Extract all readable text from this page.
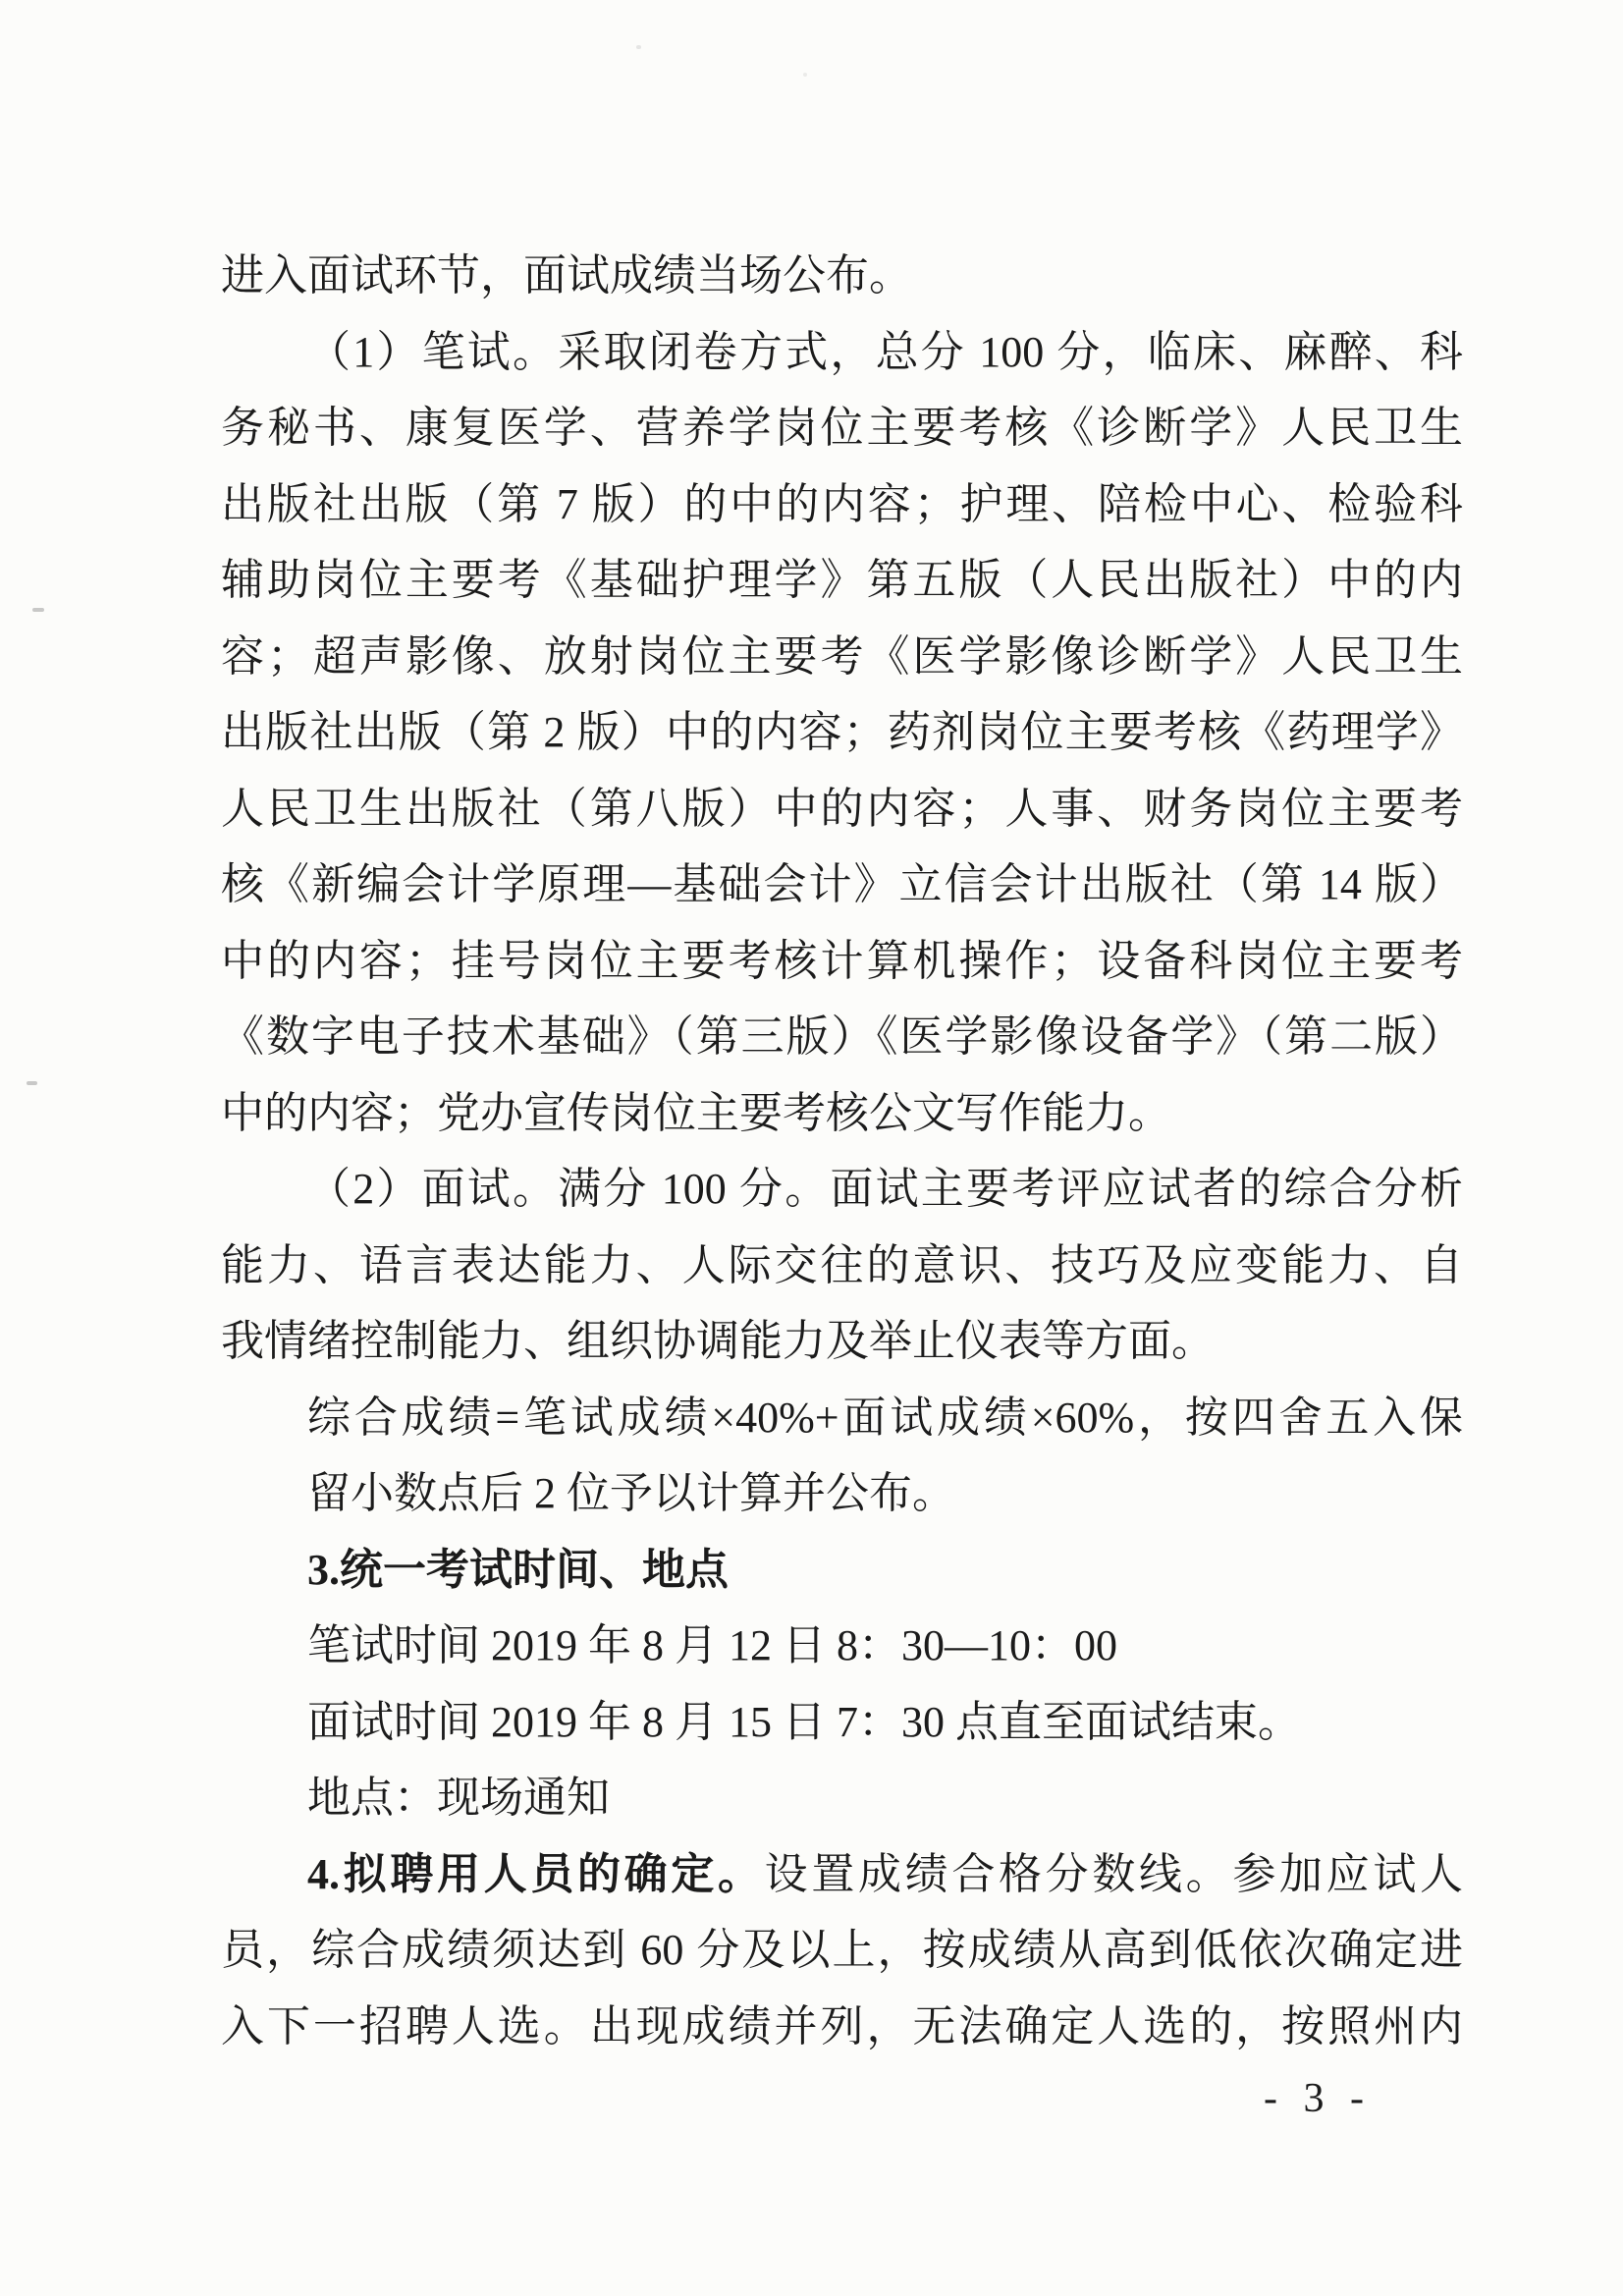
进入面试环节，面试成绩当场公布。
（1）笔试。采取闭卷方式，总分 100 分，临床、麻醉、科
务秘书、康复医学、营养学岗位主要考核《诊断学》人民卫生
出版社出版（第 7 版）的中的内容；护理、陪检中心、检验科
辅助岗位主要考《基础护理学》第五版（人民出版社）中的内
容；超声影像、放射岗位主要考《医学影像诊断学》人民卫生
出版社出版（第 2 版）中的内容；药剂岗位主要考核《药理学》
人民卫生出版社（第八版）中的内容；人事、财务岗位主要考
核《新编会计学原理—基础会计》立信会计出版社（第 14 版）
中的内容；挂号岗位主要考核计算机操作；设备科岗位主要考
《数字电子技术基础》（第三版）《医学影像设备学》（第二版）
中的内容；党办宣传岗位主要考核公文写作能力。
（2）面试。满分 100 分。面试主要考评应试者的综合分析
能力、语言表达能力、人际交往的意识、技巧及应变能力、自
我情绪控制能力、组织协调能力及举止仪表等方面。
综合成绩=笔试成绩×40%+面试成绩×60%，按四舍五入保
留小数点后 2 位予以计算并公布。
3.统一考试时间、地点
笔试时间 2019 年 8 月 12 日 8：30—10：00
面试时间 2019 年 8 月 15 日 7：30 点直至面试结束。
地点：现场通知
4.拟聘用人员的确定。设置成绩合格分数线。参加应试人
员，综合成绩须达到 60 分及以上，按成绩从高到低依次确定进
入下一招聘人选。出现成绩并列，无法确定人选的，按照州内
- 3 -
